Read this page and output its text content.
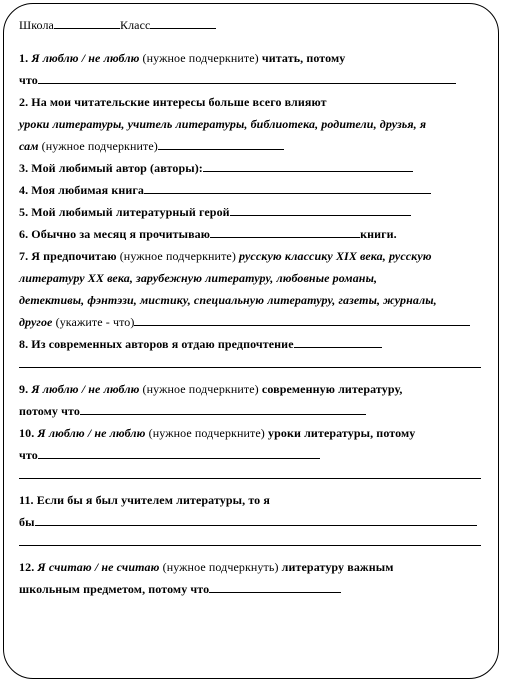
Школа	Класс
1. Я люблю / не люблю (нужное подчеркните) читать, потому
что
2. На мои читательские интересы больше всего влияют
уроки литературы, учитель литературы, библиотека, родители, друзья, я
сам (нужное подчеркните)
3. Мой любимый автор (авторы):
4. Моя любимая книга
5. Мой любимый литературный герой
6. Обычно за месяц я прочитываю	книги.
7. Я предпочитаю (нужное подчеркните) русскую классику XIX века, русскую
литературу XX века, зарубежную литературу, любовные романы,
детективы, фэнтэзи, мистику, специальную литературу, газеты, журналы,
другое (укажите - что)
8. Из современных авторов я отдаю предпочтение
9. Я люблю / не люблю (нужное подчеркните) современную литературу,
потому что
10. Я люблю / не люблю (нужное подчеркните) уроки литературы, потому
что
11. Если бы я был учителем литературы, то я
бы
12. Я считаю / не считаю (нужное подчеркнуть) литературу важным
школьным предметом, потому что
